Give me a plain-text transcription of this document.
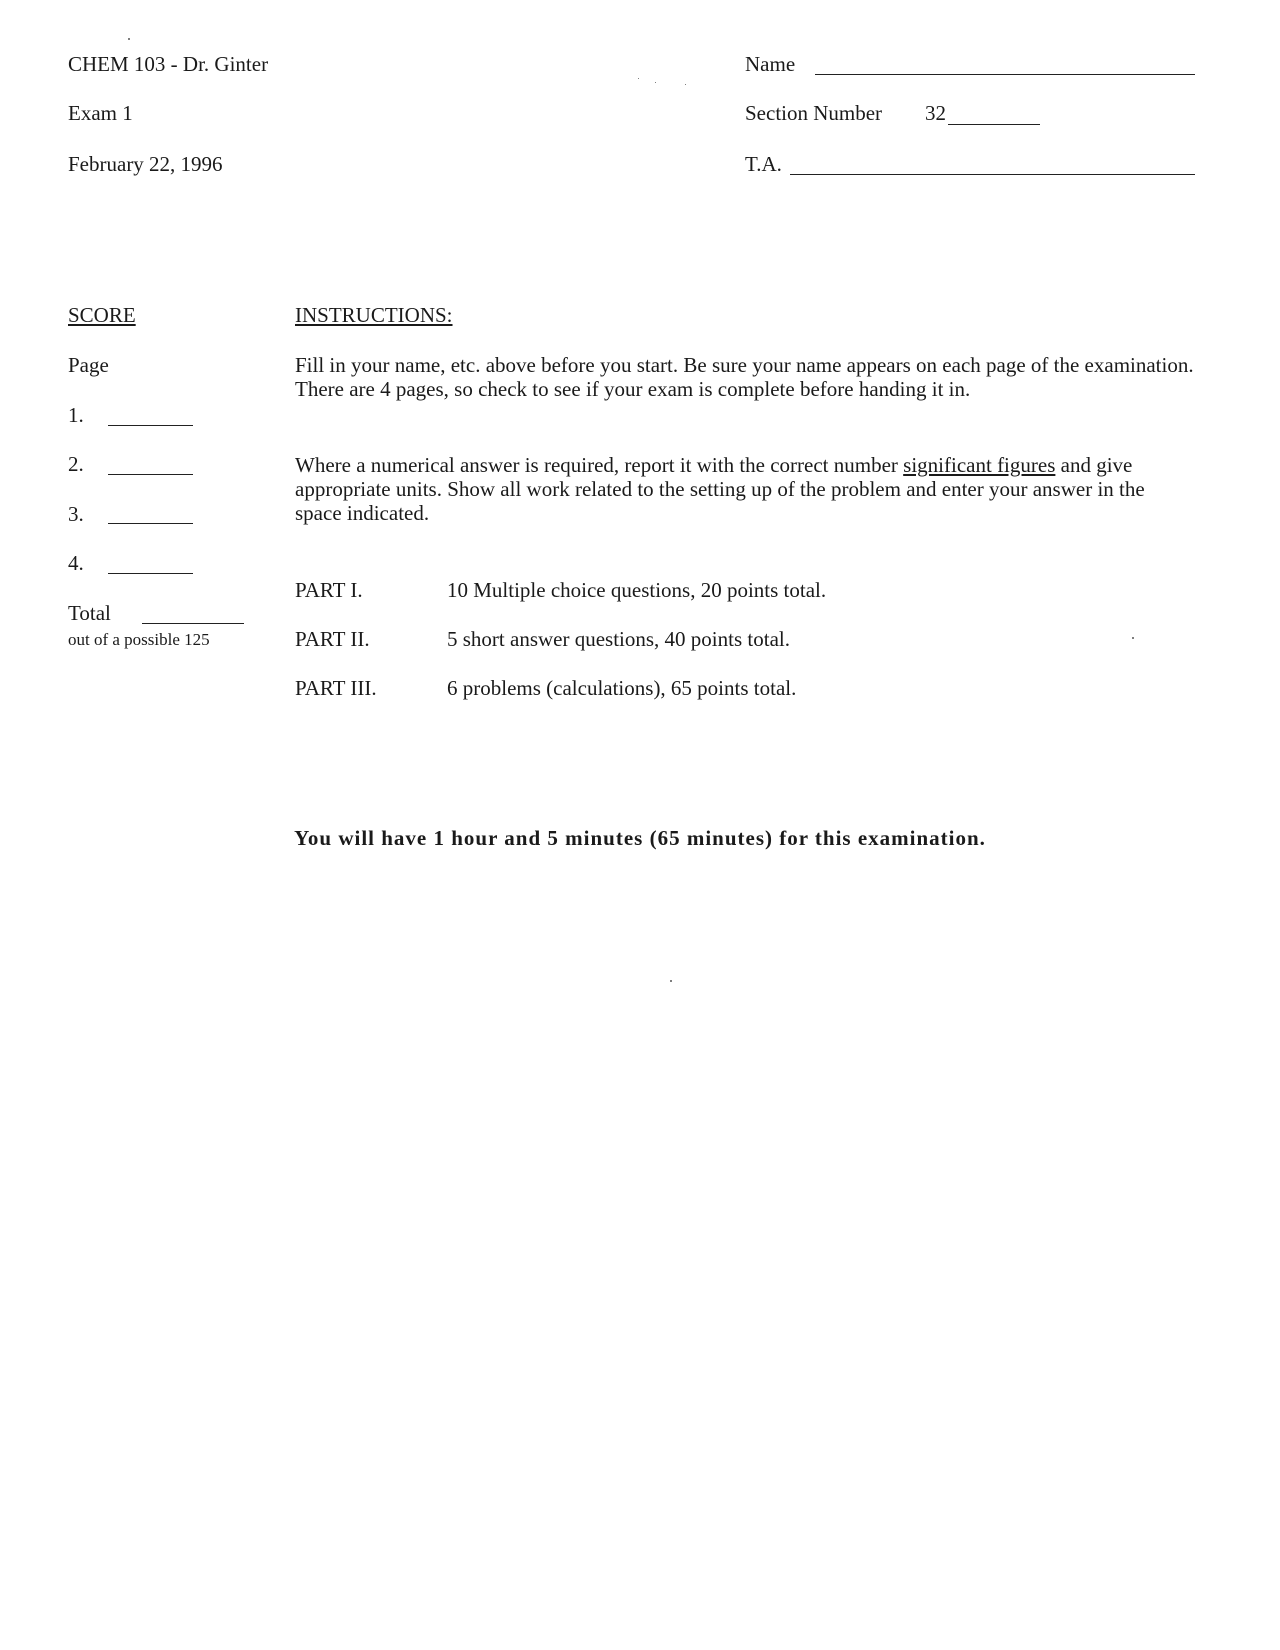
CHEM 103 - Dr. Ginter
Exam 1
February 22, 1996
Name
Section Number 32
T.A.
SCORE
Page
1.
2.
3.
4.
Total
out of a possible 125
INSTRUCTIONS:
Fill in your name, etc. above before you start. Be sure your name appears on each page of the examination. There are 4 pages, so check to see if your exam is complete before handing it in.
Where a numerical answer is required, report it with the correct number significant figures and give appropriate units. Show all work related to the setting up of the problem and enter your answer in the space indicated.
PART I.	10 Multiple choice questions, 20 points total.
PART II.	5 short answer questions, 40 points total.
PART III.	6 problems (calculations), 65 points total.
You will have 1 hour and 5 minutes (65 minutes) for this examination.
